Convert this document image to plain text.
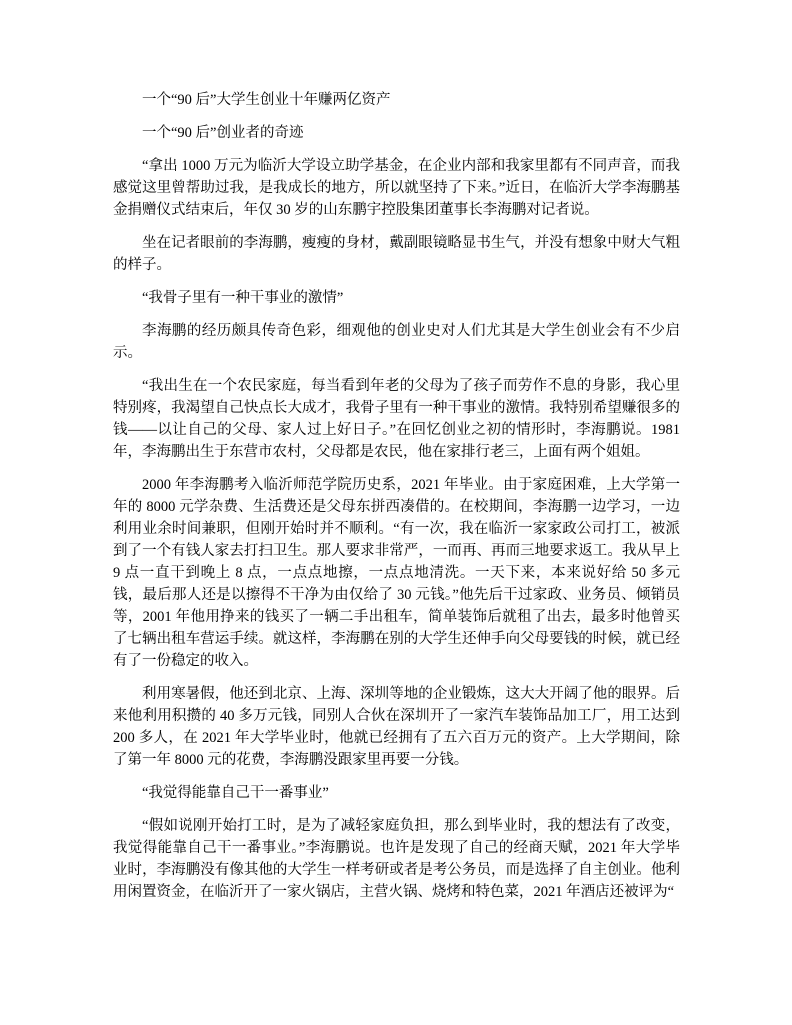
一个“90 后”大学生创业十年赚两亿资产

一个“90 后”创业者的奇迹

“拿出 1000 万元为临沂大学设立助学基金，在企业内部和我家里都有不同声音，而我感觉这里曾帮助过我，是我成长的地方，所以就坚持了下来。”近日，在临沂大学李海鹏基金捐赠仪式结束后，年仅 30 岁的山东鹏宇控股集团董事长李海鹏对记者说。

坐在记者眼前的李海鹏，瘦瘦的身材，戴副眼镜略显书生气，并没有想象中财大气粗的样子。

“我骨子里有一种干事业的激情”

李海鹏的经历颇具传奇色彩，细观他的创业史对人们尤其是大学生创业会有不少启示。

“我出生在一个农民家庭，每当看到年老的父母为了孩子而劳作不息的身影，我心里特别疼，我渴望自己快点长大成才，我骨子里有一种干事业的激情。我特别希望赚很多的钱——以让自己的父母、家人过上好日子。”在回忆创业之初的情形时，李海鹏说。1981 年，李海鹏出生于东营市农村，父母都是农民，他在家排行老三，上面有两个姐姐。

2000 年李海鹏考入临沂师范学院历史系，2021 年毕业。由于家庭困难，上大学第一年的 8000 元学杂费、生活费还是父母东拼西凑借的。在校期间，李海鹏一边学习，一边利用业余时间兼职，但刚开始时并不顺利。“有一次，我在临沂一家家政公司打工，被派到了一个有钱人家去打扫卫生。那人要求非常严，一而再、再而三地要求返工。我从早上 9 点一直干到晚上 8 点，一点点地擦，一点点地清洗。一天下来，本来说好给 50 多元钱，最后那人还是以擦得不干净为由仅给了 30 元钱。”他先后干过家政、业务员、倾销员等，2001 年他用挣来的钱买了一辆二手出租车，简单装饰后就租了出去，最多时他曾买了七辆出租车营运手续。就这样，李海鹏在别的大学生还伸手向父母要钱的时候，就已经有了一份稳定的收入。

利用寒暑假，他还到北京、上海、深圳等地的企业锻炼，这大大开阔了他的眼界。后来他利用积攒的 40 多万元钱，同别人合伙在深圳开了一家汽车装饰品加工厂，用工达到 200 多人，在 2021 年大学毕业时，他就已经拥有了五六百万元的资产。上大学期间，除了第一年 8000 元的花费，李海鹏没跟家里再要一分钱。

“我觉得能靠自己干一番事业”

“假如说刚开始打工时，是为了减轻家庭负担，那么到毕业时，我的想法有了改变，我觉得能靠自己干一番事业。”李海鹏说。也许是发现了自己的经商天赋，2021 年大学毕业时，李海鹏没有像其他的大学生一样考研或者是考公务员，而是选择了自主创业。他利用闲置资金，在临沂开了一家火锅店，主营火锅、烧烤和特色菜，2021 年酒店还被评为“
